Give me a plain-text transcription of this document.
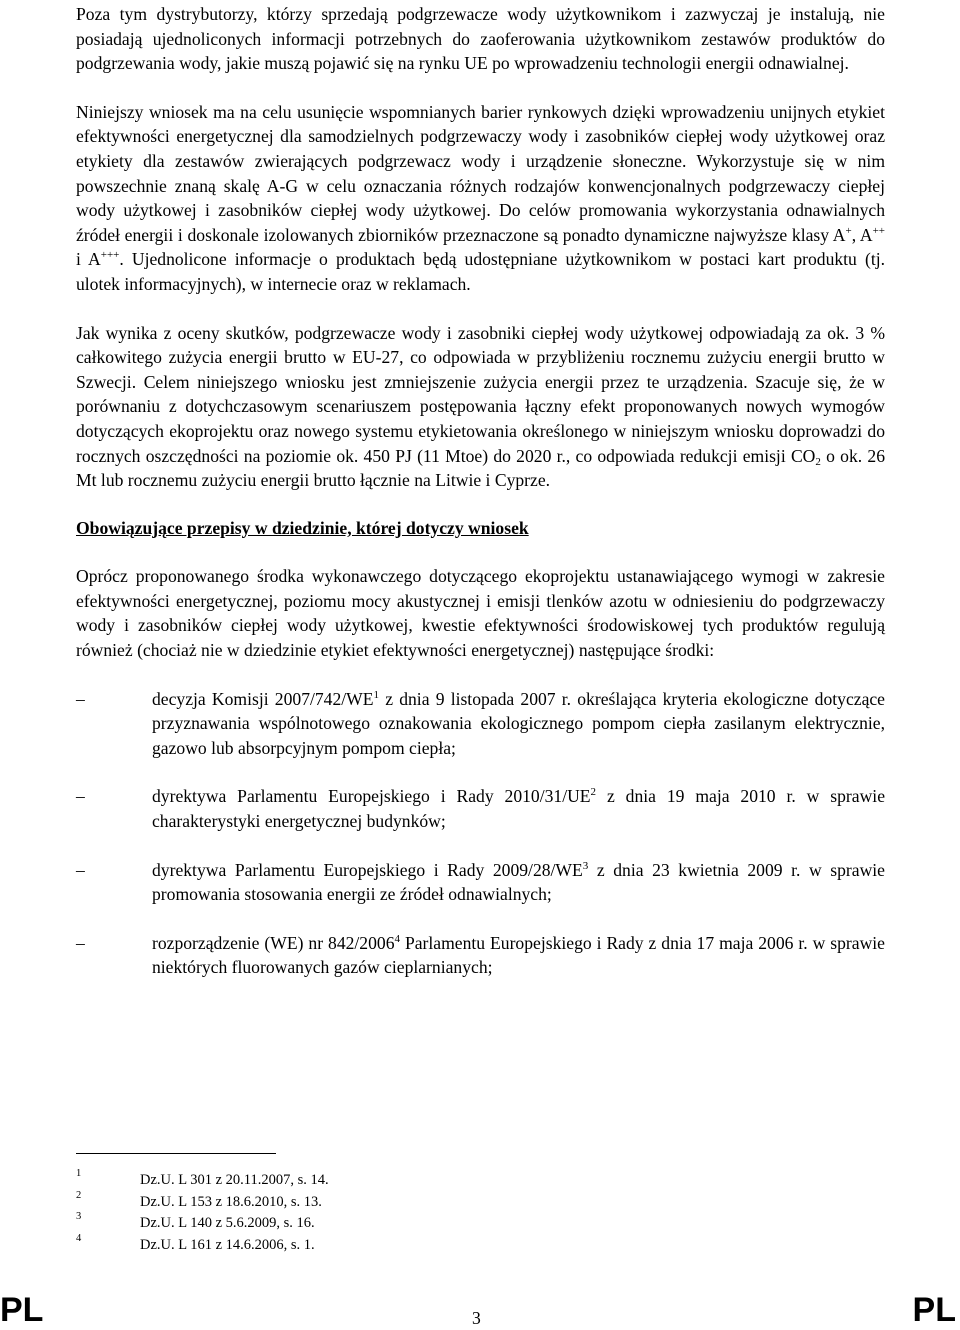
Poza tym dystrybutorzy, którzy sprzedają podgrzewacze wody użytkownikom i zazwyczaj je instalują, nie posiadają ujednoliconych informacji potrzebnych do zaoferowania użytkownikom zestawów produktów do podgrzewania wody, jakie muszą pojawić się na rynku UE po wprowadzeniu technologii energii odnawialnej.

Niniejszy wniosek ma na celu usunięcie wspomnianych barier rynkowych dzięki wprowadzeniu unijnych etykiet efektywności energetycznej dla samodzielnych podgrzewaczy wody i zasobników ciepłej wody użytkowej oraz etykiety dla zestawów zwierających podgrzewacz wody i urządzenie słoneczne. Wykorzystuje się w nim powszechnie znaną skalę A-G w celu oznaczania różnych rodzajów konwencjonalnych podgrzewaczy ciepłej wody użytkowej i zasobników ciepłej wody użytkowej. Do celów promowania wykorzystania odnawialnych źródeł energii i doskonale izolowanych zbiorników przeznaczone są ponadto dynamiczne najwyższe klasy A+, A++ i A+++. Ujednolicone informacje o produktach będą udostępniane użytkownikom w postaci kart produktu (tj. ulotek informacyjnych), w internecie oraz w reklamach.

Jak wynika z oceny skutków, podgrzewacze wody i zasobniki ciepłej wody użytkowej odpowiadają za ok. 3 % całkowitego zużycia energii brutto w EU-27, co odpowiada w przybliżeniu rocznemu zużyciu energii brutto w Szwecji. Celem niniejszego wniosku jest zmniejszenie zużycia energii przez te urządzenia. Szacuje się, że w porównaniu z dotychczasowym scenariuszem postępowania łączny efekt proponowanych nowych wymogów dotyczących ekoprojektu oraz nowego systemu etykietowania określonego w niniejszym wniosku doprowadzi do rocznych oszczędności na poziomie ok. 450 PJ (11 Mtoe) do 2020 r., co odpowiada redukcji emisji $CO_2$ o ok. 26 Mt lub rocznemu zużyciu energii brutto łącznie na Litwie i Cyprze.

Obowiązujące przepisy w dziedzinie, której dotyczy wniosek

Oprócz proponowanego środka wykonawczego dotyczącego ekoprojektu ustanawiającego wymogi w zakresie efektywności energetycznej, poziomu mocy akustycznej i emisji tlenków azotu w odniesieniu do podgrzewaczy wody i zasobników ciepłej wody użytkowej, kwestie efektywności środowiskowej tych produktów regulują również (chociaż nie w dziedzinie etykiet efektywności energetycznej) następujące środki:

–	decyzja Komisji $2007/742/WE^1$ z dnia 9 listopada 2007 r. określająca kryteria ekologiczne dotyczące przyznawania wspólnotowego oznakowania ekologicznego pompom ciepła zasilanym elektrycznie, gazowo lub absorpcyjnym pompom ciepła;

–	dyrektywa Parlamentu Europejskiego i Rady $2010/31/UE^2$ z dnia 19 maja 2010 r. w sprawie charakterystyki energetycznej budynków;

–	dyrektywa Parlamentu Europejskiego i Rady $2009/28/WE^3$ z dnia 23 kwietnia 2009 r. w sprawie promowania stosowania energii ze źródeł odnawialnych;

–	rozporządzenie (WE) nr 842/2006$^4$ Parlamentu Europejskiego i Rady z dnia 17 maja 2006 r. w sprawie niektórych fluorowanych gazów cieplarnianych;

1	Dz.U. L 301 z 20.11.2007, s. 14.

2	Dz.U. L 153 z 18.6.2010, s. 13.

3	Dz.U. L 140 z 5.6.2009, s. 16.

4	Dz.U. L 161 z 14.6.2006, s. 1.

PL	3	PL
